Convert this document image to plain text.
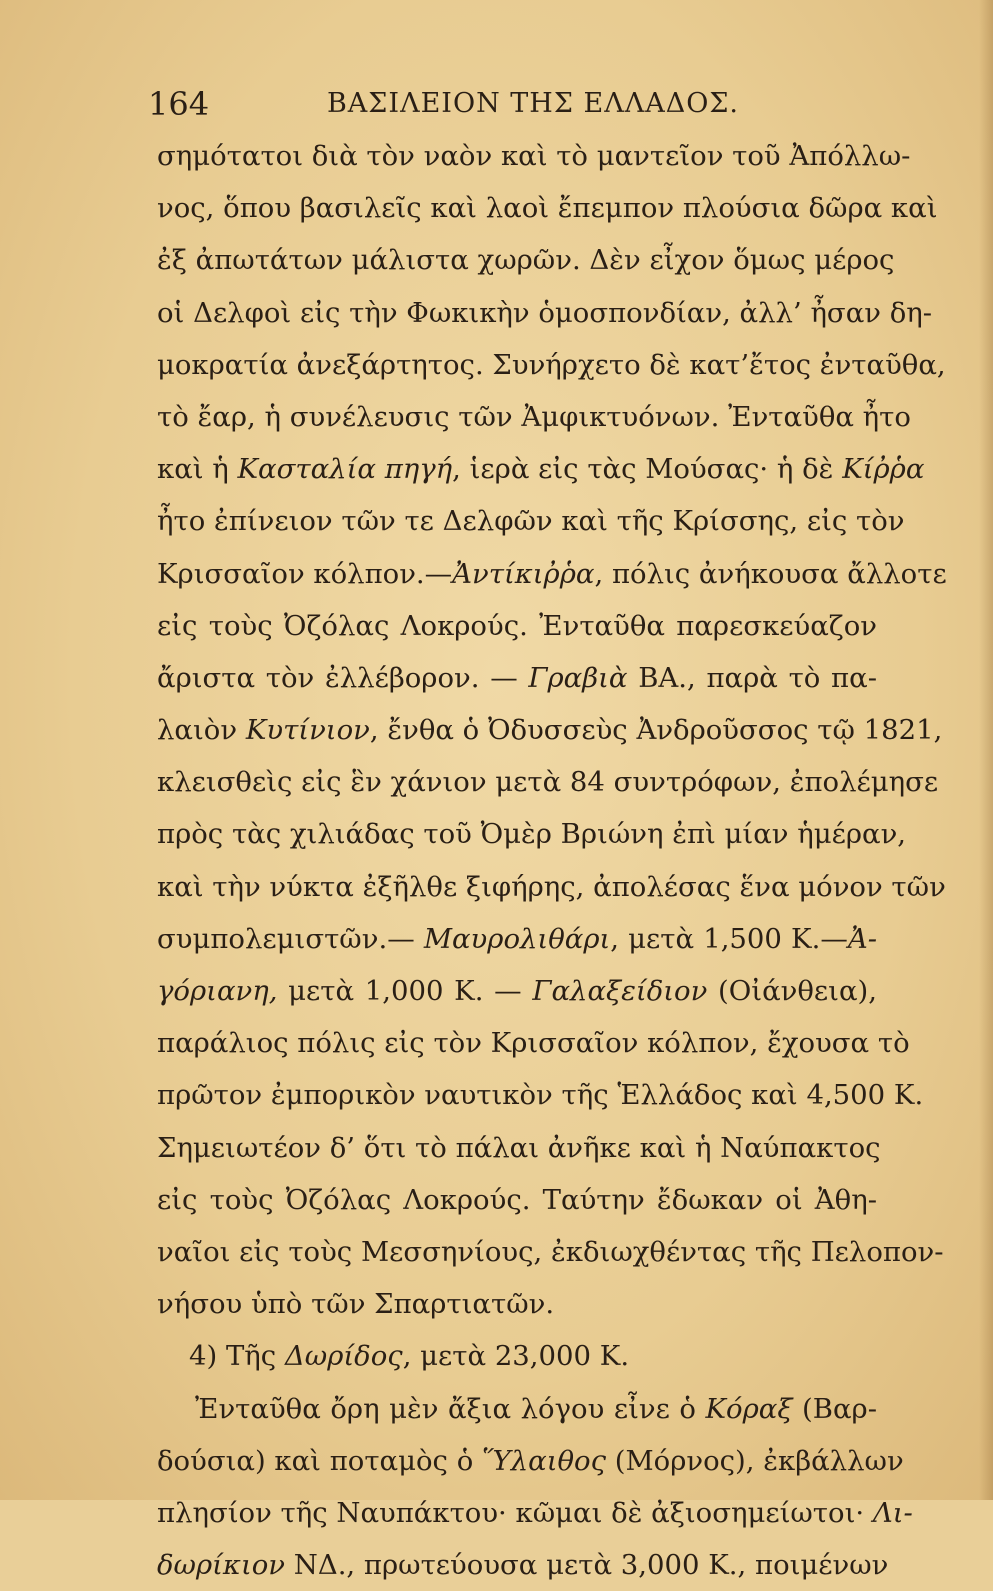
164	ΒΑΣΙΛΕΙΟΝ ΤΗΣ ΕΛΛΑΔΟΣ.
σημότατοι διὰ τὸν ναὸν καὶ τὸ μαντεῖον τοῦ Ἀπόλλω-
νος, ὅπου βασιλεῖς καὶ λαοὶ ἔπεμπον πλούσια δῶρα καὶ
ἐξ ἀπωτάτων μάλιστα χωρῶν. Δὲν εἶχον ὅμως μέρος
οἱ Δελφοὶ εἰς τὴν Φωκικὴν ὁμοσπονδίαν, ἀλλ’ ἦσαν δη-
μοκρατία ἀνεξάρτητος. Συνήρχετο δὲ κατ’ἔτος ἐνταῦθα,
τὸ ἔαρ, ἡ συνέλευσις τῶν Ἀμφικτυόνων. Ἐνταῦθα ἦτο
καὶ ἡ Κασταλία πηγή, ἱερὰ εἰς τὰς Μούσας· ἡ δὲ Κίῤῥα
ἦτο ἐπίνειον τῶν τε Δελφῶν καὶ τῆς Κρίσσης, εἰς τὸν
Κρισσαῖον κόλπον.—Ἀντίκιῤῥα, πόλις ἀνήκουσα ἄλλοτε
εἰς τοὺς Ὀζόλας Λοκρούς. Ἐνταῦθα παρεσκεύαζον
ἄριστα τὸν ἐλλέβορον. — Γραβιὰ ΒΑ., παρὰ τὸ πα-
λαιὸν Κυτίνιον, ἔνθα ὁ Ὀδυσσεὺς Ἀνδροῦσσος τῷ 1821,
κλεισθεὶς εἰς ἓν χάνιον μετὰ 84 συντρόφων, ἐπολέμησε
πρὸς τὰς χιλιάδας τοῦ Ὀμὲρ Βριώνη ἐπὶ μίαν ἡμέραν,
καὶ τὴν νύκτα ἐξῆλθε ξιφήρης, ἀπολέσας ἕνα μόνον τῶν
συμπολεμιστῶν.— Μαυρολιθάρι, μετὰ 1,500 Κ.—Ἀ-
γόριανη, μετὰ 1,000 Κ. — Γαλαξείδιον (Οἰάνθεια),
παράλιος πόλις εἰς τὸν Κρισσαῖον κόλπον, ἔχουσα τὸ
πρῶτον ἐμπορικὸν ναυτικὸν τῆς Ἑλλάδος καὶ 4,500 Κ.
Σημειωτέον δ’ ὅτι τὸ πάλαι ἀνῆκε καὶ ἡ Ναύπακτος
εἰς τοὺς Ὀζόλας Λοκρούς. Ταύτην ἔδωκαν οἱ Ἀθη-
ναῖοι εἰς τοὺς Μεσσηνίους, ἐκδιωχθέντας τῆς Πελοπον-
νήσου ὑπὸ τῶν Σπαρτιατῶν.
4) Τῆς Δωρίδος, μετὰ 23,000 Κ.
Ἐνταῦθα ὄρη μὲν ἄξια λόγου εἶνε ὁ Κόραξ (Βαρ-
δούσια) καὶ ποταμὸς ὁ Ὕλαιθος (Μόρνος), ἐκβάλλων
πλησίον τῆς Ναυπάκτου· κῶμαι δὲ ἀξιοσημείωτοι· Λι-
δωρίκιον ΝΔ., πρωτεύουσα μετὰ 3,000 Κ., ποιμένων
